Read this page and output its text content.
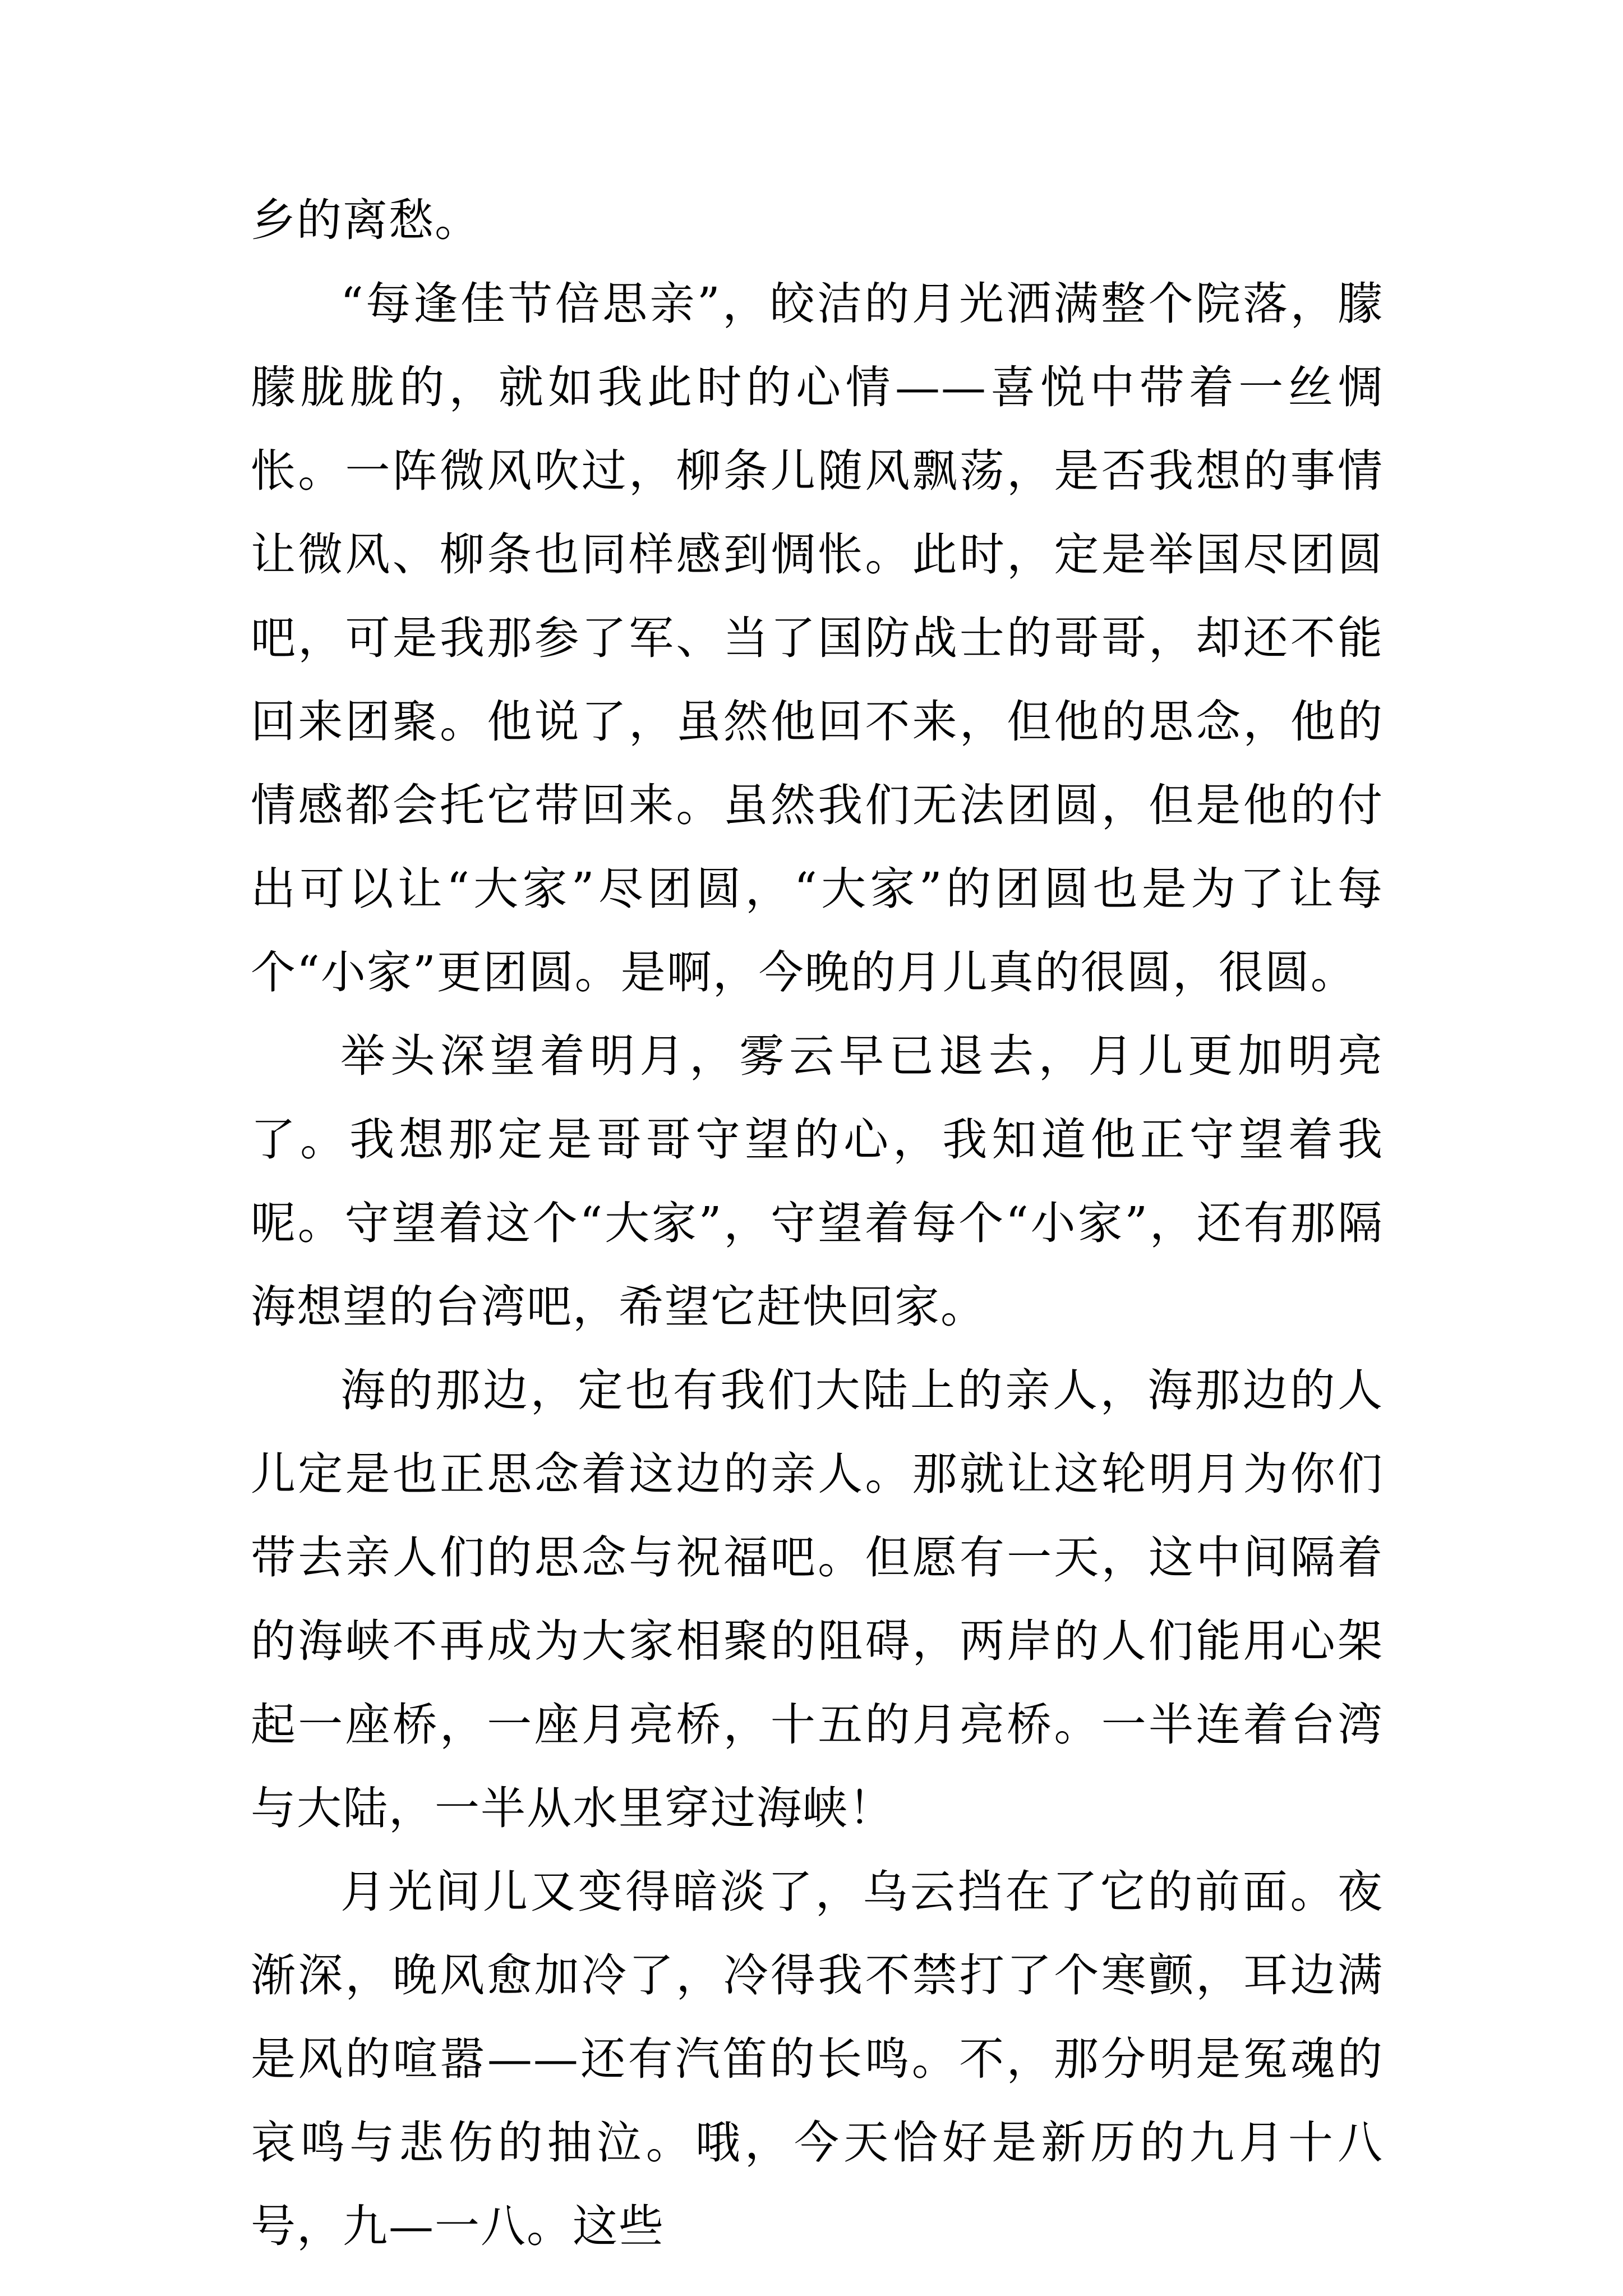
乡的离愁。

“每逢佳节倍思亲”，皎洁的月光洒满整个院落，朦朦胧胧的，就如我此时的心情——喜悦中带着一丝惆怅。一阵微风吹过，柳条儿随风飘荡，是否我想的事情让微风、柳条也同样感到惆怅。此时，定是举国尽团圆吧，可是我那参了军、当了国防战士的哥哥，却还不能回来团聚。他说了，虽然他回不来，但他的思念，他的情感都会托它带回来。虽然我们无法团圆，但是他的付出可以让“大家”尽团圆，“大家”的团圆也是为了让每个“小家”更团圆。是啊，今晚的月儿真的很圆，很圆。

举头深望着明月，雾云早已退去，月儿更加明亮了。我想那定是哥哥守望的心，我知道他正守望着我呢。守望着这个“大家”，守望着每个“小家”，还有那隔海想望的台湾吧，希望它赶快回家。

海的那边，定也有我们大陆上的亲人，海那边的人儿定是也正思念着这边的亲人。那就让这轮明月为你们带去亲人们的思念与祝福吧。但愿有一天，这中间隔着的海峡不再成为大家相聚的阻碍，两岸的人们能用心架起一座桥，一座月亮桥，十五的月亮桥。一半连着台湾与大陆，一半从水里穿过海峡！

月光间儿又变得暗淡了，乌云挡在了它的前面。夜渐深，晚风愈加冷了，冷得我不禁打了个寒颤，耳边满是风的喧嚣——还有汽笛的长鸣。不，那分明是冤魂的哀鸣与悲伤的抽泣。哦，今天恰好是新历的九月十八号，九—一八。这些
